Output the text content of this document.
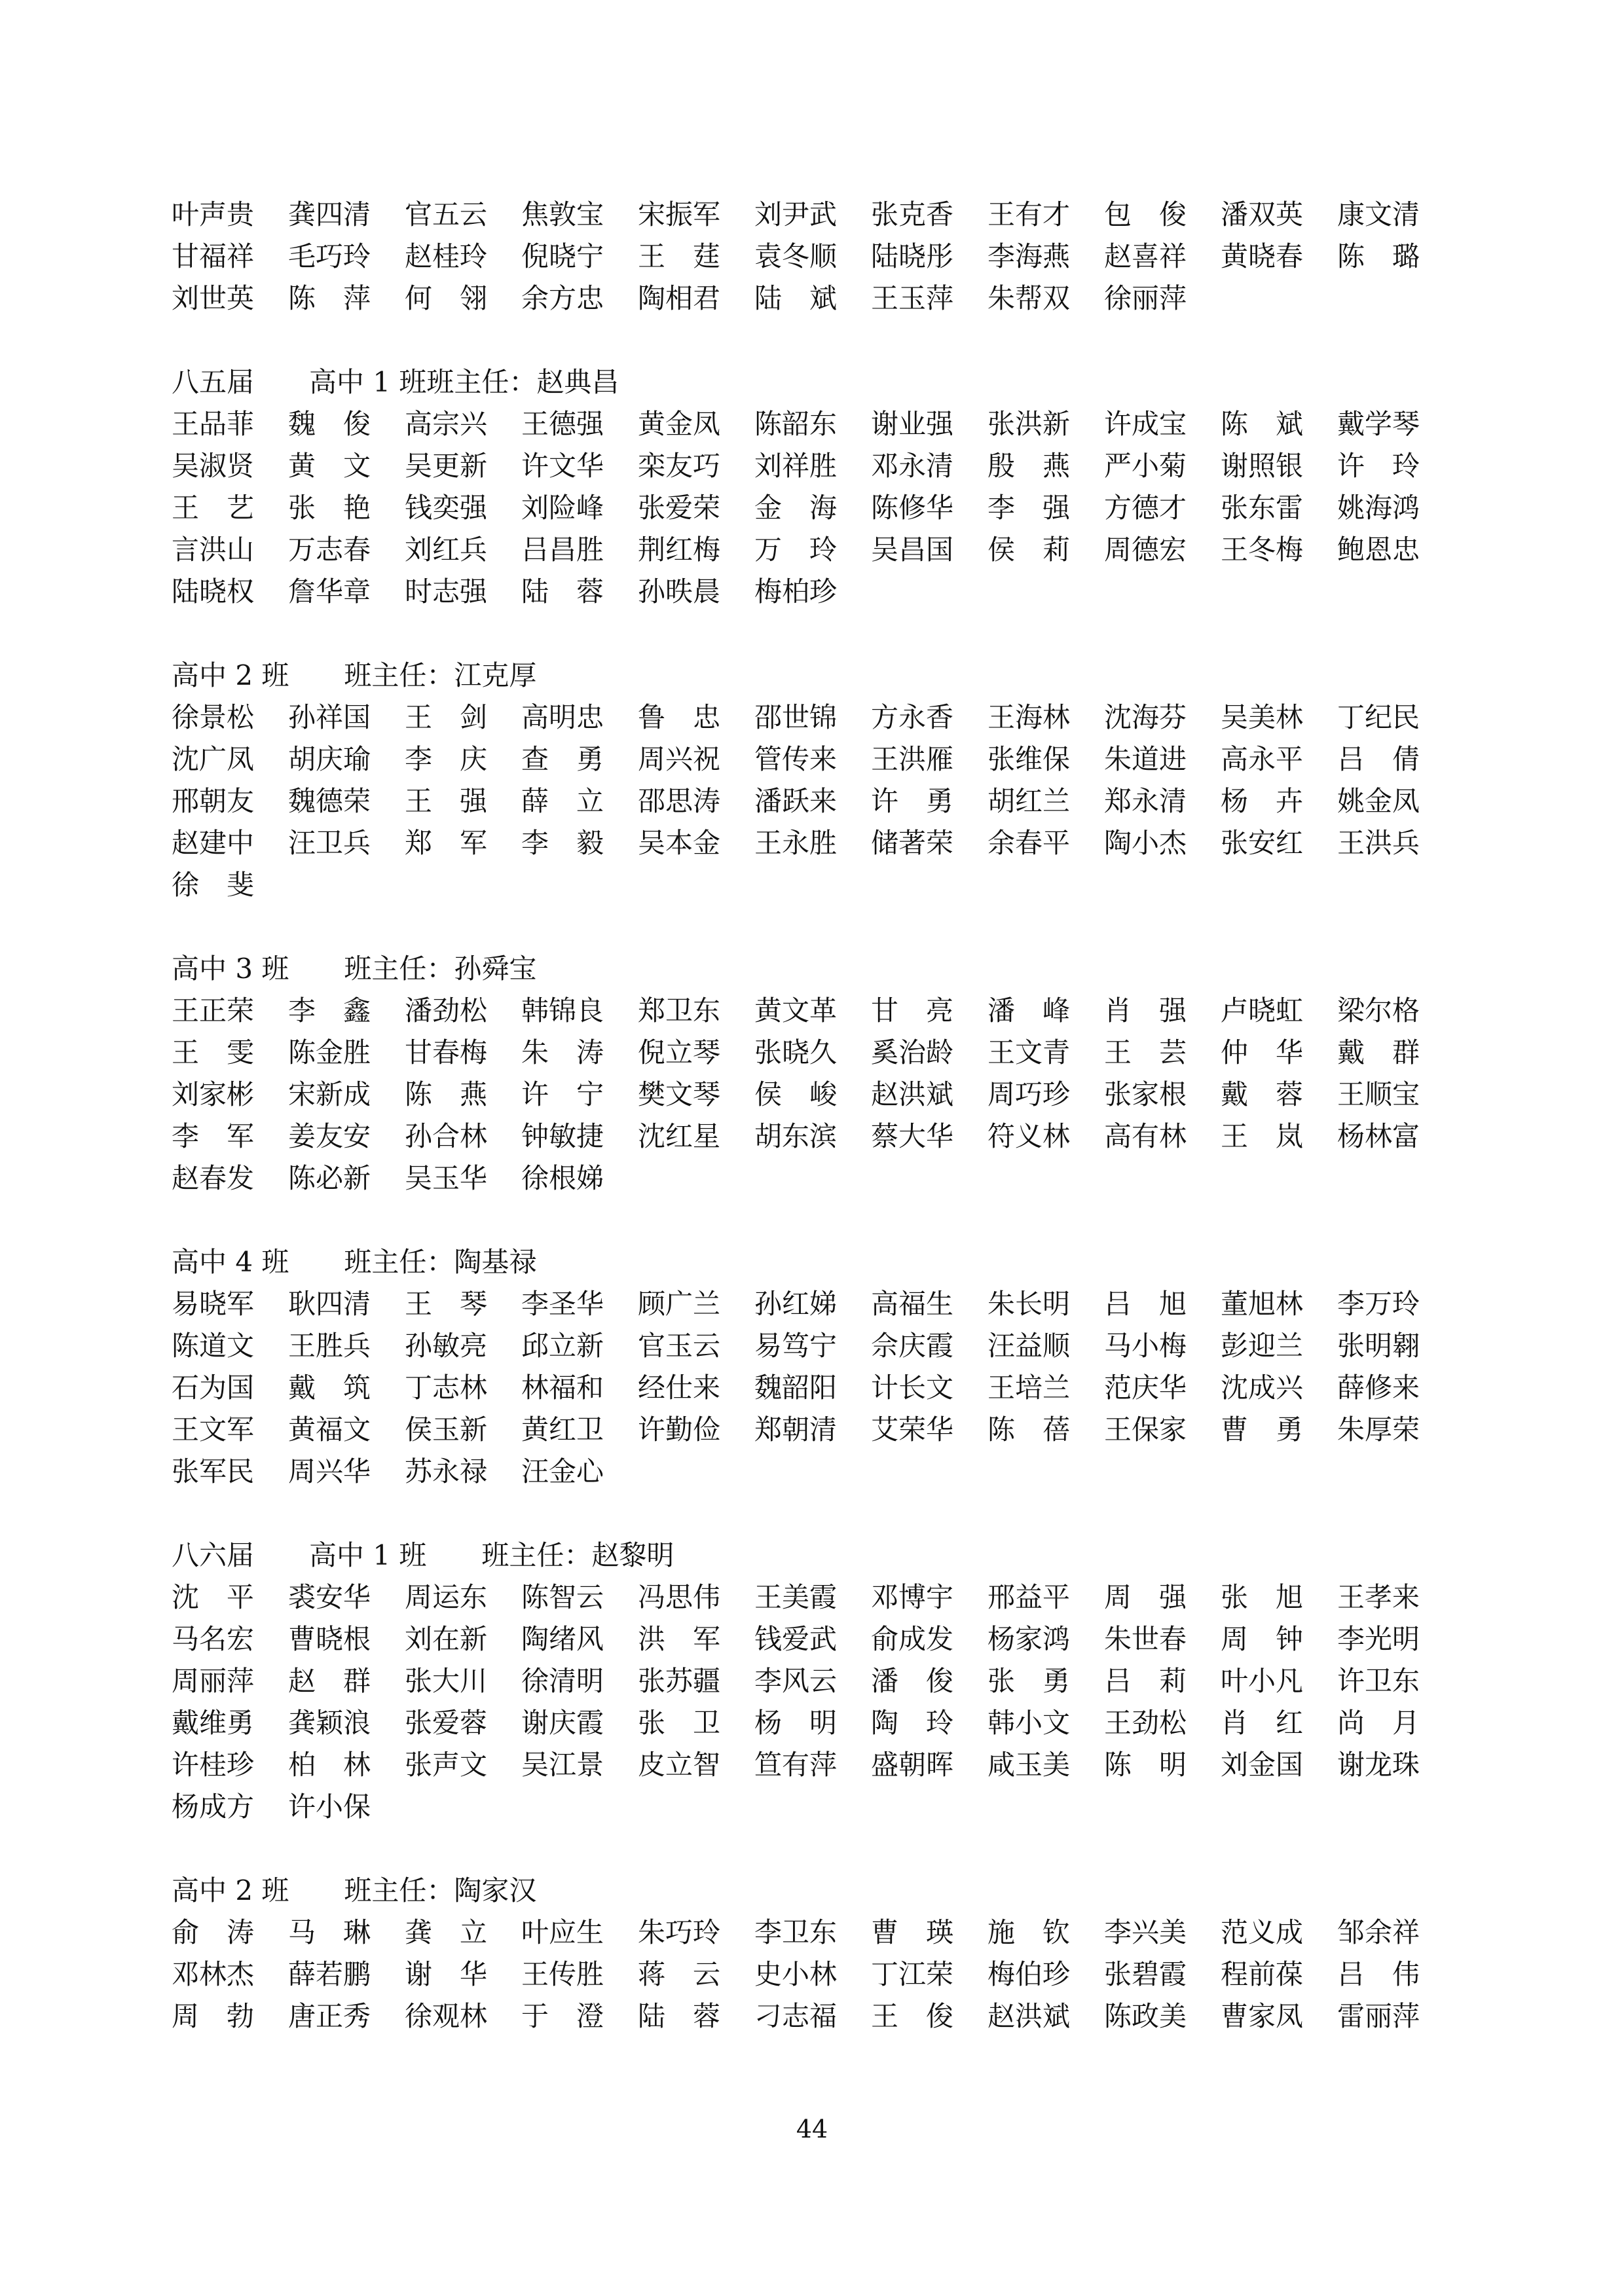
叶声贵	龚四清	官五云	焦敦宝	宋振军	刘尹武	张克香	王有才	包　俊	潘双英	康文清
甘福祥	毛巧玲	赵桂玲	倪晓宁	王　莛	袁冬顺	陆晓彤	李海燕	赵喜祥	黄晓春	陈　璐
刘世英	陈　萍	何　翎	余方忠	陶相君	陆　斌	王玉萍	朱帮双	徐丽萍
八五届　　高中 1 班班主任：赵典昌
王品菲	魏　俊	高宗兴	王德强	黄金凤	陈韶东	谢业强	张洪新	许成宝	陈　斌	戴学琴
吴淑贤	黄　文	吴更新	许文华	栾友巧	刘祥胜	邓永清	殷　燕	严小菊	谢照银	许　玲
王　艺	张　艳	钱奕强	刘险峰	张爱荣	金　海	陈修华	李　强	方德才	张东雷	姚海鸿
言洪山	万志春	刘红兵	吕昌胜	荆红梅	万　玲	吴昌国	侯　莉	周德宏	王冬梅	鲍恩忠
陆晓权	詹华章	时志强	陆　蓉	孙昳晨	梅柏珍
高中 2 班　　班主任：江克厚
徐景松	孙祥国	王　剑	高明忠	鲁　忠	邵世锦	方永香	王海林	沈海芬	吴美林	丁纪民
沈广凤	胡庆瑜	李　庆	查　勇	周兴祝	管传来	王洪雁	张维保	朱道进	高永平	吕　倩
邢朝友	魏德荣	王　强	薛　立	邵思涛	潘跃来	许　勇	胡红兰	郑永清	杨　卉	姚金凤
赵建中	汪卫兵	郑　军	李　毅	吴本金	王永胜	储著荣	余春平	陶小杰	张安红	王洪兵
徐　斐
高中 3 班　　班主任：孙舜宝
王正荣	李　鑫	潘劲松	韩锦良	郑卫东	黄文革	甘　亮	潘　峰	肖　强	卢晓虹	梁尔格
王　雯	陈金胜	甘春梅	朱　涛	倪立琴	张晓久	奚治龄	王文青	王　芸	仲　华	戴　群
刘家彬	宋新成	陈　燕	许　宁	樊文琴	侯　峻	赵洪斌	周巧珍	张家根	戴　蓉	王顺宝
李　军	姜友安	孙合林	钟敏捷	沈红星	胡东滨	蔡大华	符义林	高有林	王　岚	杨林富
赵春发	陈必新	吴玉华	徐根娣
高中 4 班　　班主任：陶基禄
易晓军	耿四清	王　琴	李圣华	顾广兰	孙红娣	高福生	朱长明	吕　旭	董旭林	李万玲
陈道文	王胜兵	孙敏亮	邱立新	官玉云	易笃宁	佘庆霞	汪益顺	马小梅	彭迎兰	张明翱
石为国	戴　筑	丁志林	林福和	经仕来	魏韶阳	计长文	王培兰	范庆华	沈成兴	薛修来
王文军	黄福文	侯玉新	黄红卫	许勤俭	郑朝清	艾荣华	陈　蓓	王保家	曹　勇	朱厚荣
张军民	周兴华	苏永禄	汪金心
八六届　　高中 1 班　　班主任：赵黎明
沈　平	裘安华	周运东	陈智云	冯思伟	王美霞	邓博宇	邢益平	周　强	张　旭	王孝来
马名宏	曹晓根	刘在新	陶绪风	洪　军	钱爱武	俞成发	杨家鸿	朱世春	周　钟	李光明
周丽萍	赵　群	张大川	徐清明	张苏疆	李风云	潘　俊	张　勇	吕　莉	叶小凡	许卫东
戴维勇	龚颖浪	张爱蓉	谢庆霞	张　卫	杨　明	陶　玲	韩小文	王劲松	肖　红	尚　月
许桂珍	柏　林	张声文	吴江景	皮立智	笪有萍	盛朝晖	咸玉美	陈　明	刘金国	谢龙珠
杨成方	许小保
高中 2 班　　班主任：陶家汉
俞　涛	马　琳	龚　立	叶应生	朱巧玲	李卫东	曹　瑛	施　钦	李兴美	范义成	邹余祥
邓林杰	薛若鹏	谢　华	王传胜	蒋　云	史小林	丁江荣	梅伯珍	张碧霞	程前葆	吕　伟
周　勃	唐正秀	徐观林	于　澄	陆　蓉	刁志福	王　俊	赵洪斌	陈政美	曹家凤	雷丽萍
44
